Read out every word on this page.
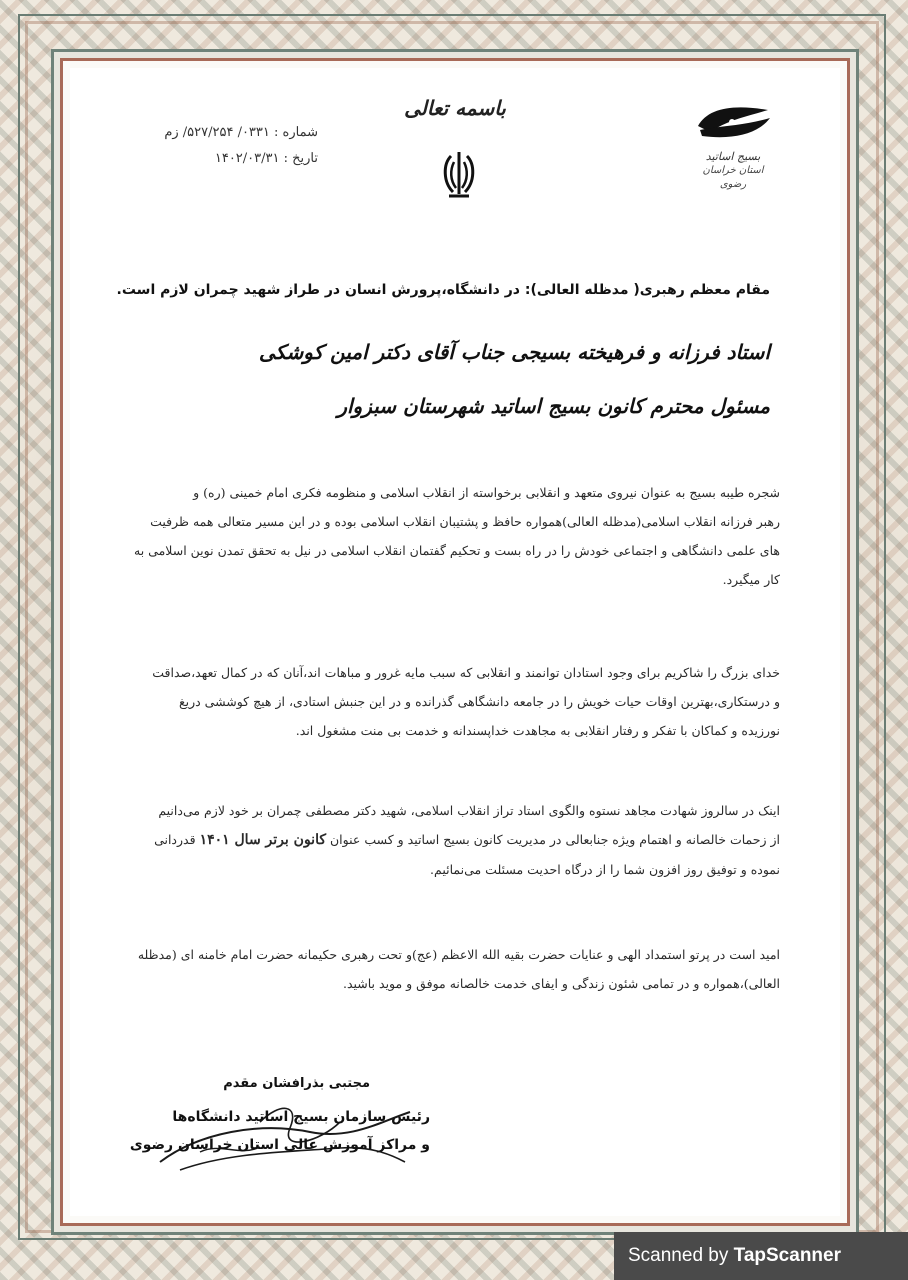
باسمه تعالی
شماره : ۰۳۳۱/ ۵۲۷/۲۵۴/ زم
تاریخ : ۱۴۰۲/۰۳/۳۱	بسیج اساتید
استان خراسان رضوی
مقام معظم رهبری( مدظله العالی): در دانشگاه،پرورش انسان در طراز شهید چمران لازم است.
استاد فرزانه و فرهیخته بسیجی جناب آقای دکتر امین کوشکی
مسئول محترم کانون بسیج اساتید شهرستان سبزوار

شجره طیبه بسیج به عنوان نیروی متعهد و انقلابی برخواسته از انقلاب اسلامی و منظومه فکری امام خمینی (ره) و

رهبر فرزانه انقلاب اسلامی(مدظله العالی)همواره حافظ و پشتیبان انقلاب اسلامی بوده و در این مسیر متعالی همه ظرفیت

های علمی دانشگاهی و اجتماعی خودش را در راه بست و تحکیم گفتمان انقلاب اسلامی در نیل به تحقق تمدن نوین اسلامی به

کار میگیرد.

خدای بزرگ را شاکریم برای وجود استادان توانمند و انقلابی که سبب مایه غرور و مباهات اند،آنان که در کمال تعهد،صداقت

و درستکاری،بهترین اوقات حیات خویش را در جامعه دانشگاهی گذرانده و در این جنبش استادی، از هیچ کوششی دریغ

نورزیده و کماکان با تفکر و رفتار انقلابی به مجاهدت خداپسندانه و خدمت بی منت مشغول اند.

اینک در سالروز شهادت مجاهد نستوه والگوی استاد تراز انقلاب اسلامی، شهید دکتر مصطفی چمران بر خود لازم می‌دانیم

از زحمات خالصانه و اهتمام ویژه جنابعالی در مدیریت کانون بسیج اساتید و کسب عنوان کانون برتر سال ۱۴۰۱ قدردانی

نموده و توفیق روز افزون شما را از درگاه احدیت مسئلت می‌نمائیم.

امید است در پرتو استمداد الهی و عنایات حضرت بقیه الله الاعظم (عج)و تحت رهبری حکیمانه حضرت امام خامنه ای (مدظله

العالی)،همواره و در تمامی شئون زندگی و ایفای خدمت خالصانه موفق و موید باشید.

مجتبی بذرافشان مقدم
رئیس سازمان بسیج اساتید دانشگاه‌ها
و مراکز آموزش عالی استان خراسان رضوی
Scanned by TapScanner
